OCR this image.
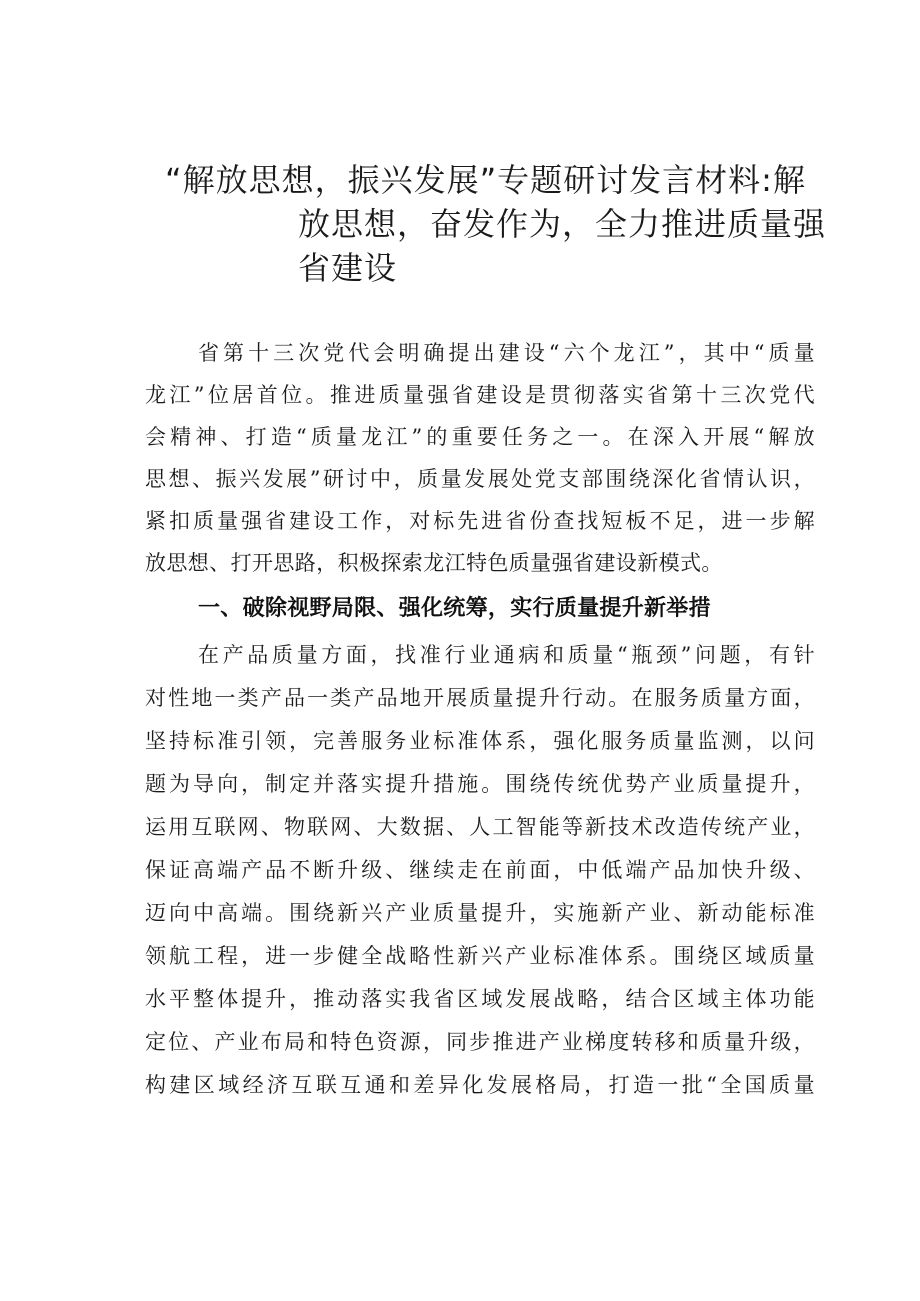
“解放思想，振兴发展”专题研讨发言材料:解
放思想，奋发作为，全力推进质量强
省建设
省第十三次党代会明确提出建设“六个龙江”，其中“质量
龙江”位居首位。推进质量强省建设是贯彻落实省第十三次党代
会精神、打造“质量龙江”的重要任务之一。在深入开展“解放
思想、振兴发展”研讨中，质量发展处党支部围绕深化省情认识，
紧扣质量强省建设工作，对标先进省份查找短板不足，进一步解
放思想、打开思路，积极探索龙江特色质量强省建设新模式。
一、破除视野局限、强化统筹，实行质量提升新举措
在产品质量方面，找准行业通病和质量“瓶颈”问题，有针
对性地一类产品一类产品地开展质量提升行动。在服务质量方面，
坚持标准引领，完善服务业标准体系，强化服务质量监测，以问
题为导向，制定并落实提升措施。围绕传统优势产业质量提升，
运用互联网、物联网、大数据、人工智能等新技术改造传统产业，
保证高端产品不断升级、继续走在前面，中低端产品加快升级、
迈向中高端。围绕新兴产业质量提升，实施新产业、新动能标准
领航工程，进一步健全战略性新兴产业标准体系。围绕区域质量
水平整体提升，推动落实我省区域发展战略，结合区域主体功能
定位、产业布局和特色资源，同步推进产业梯度转移和质量升级，
构建区域经济互联互通和差异化发展格局，打造一批“全国质量
